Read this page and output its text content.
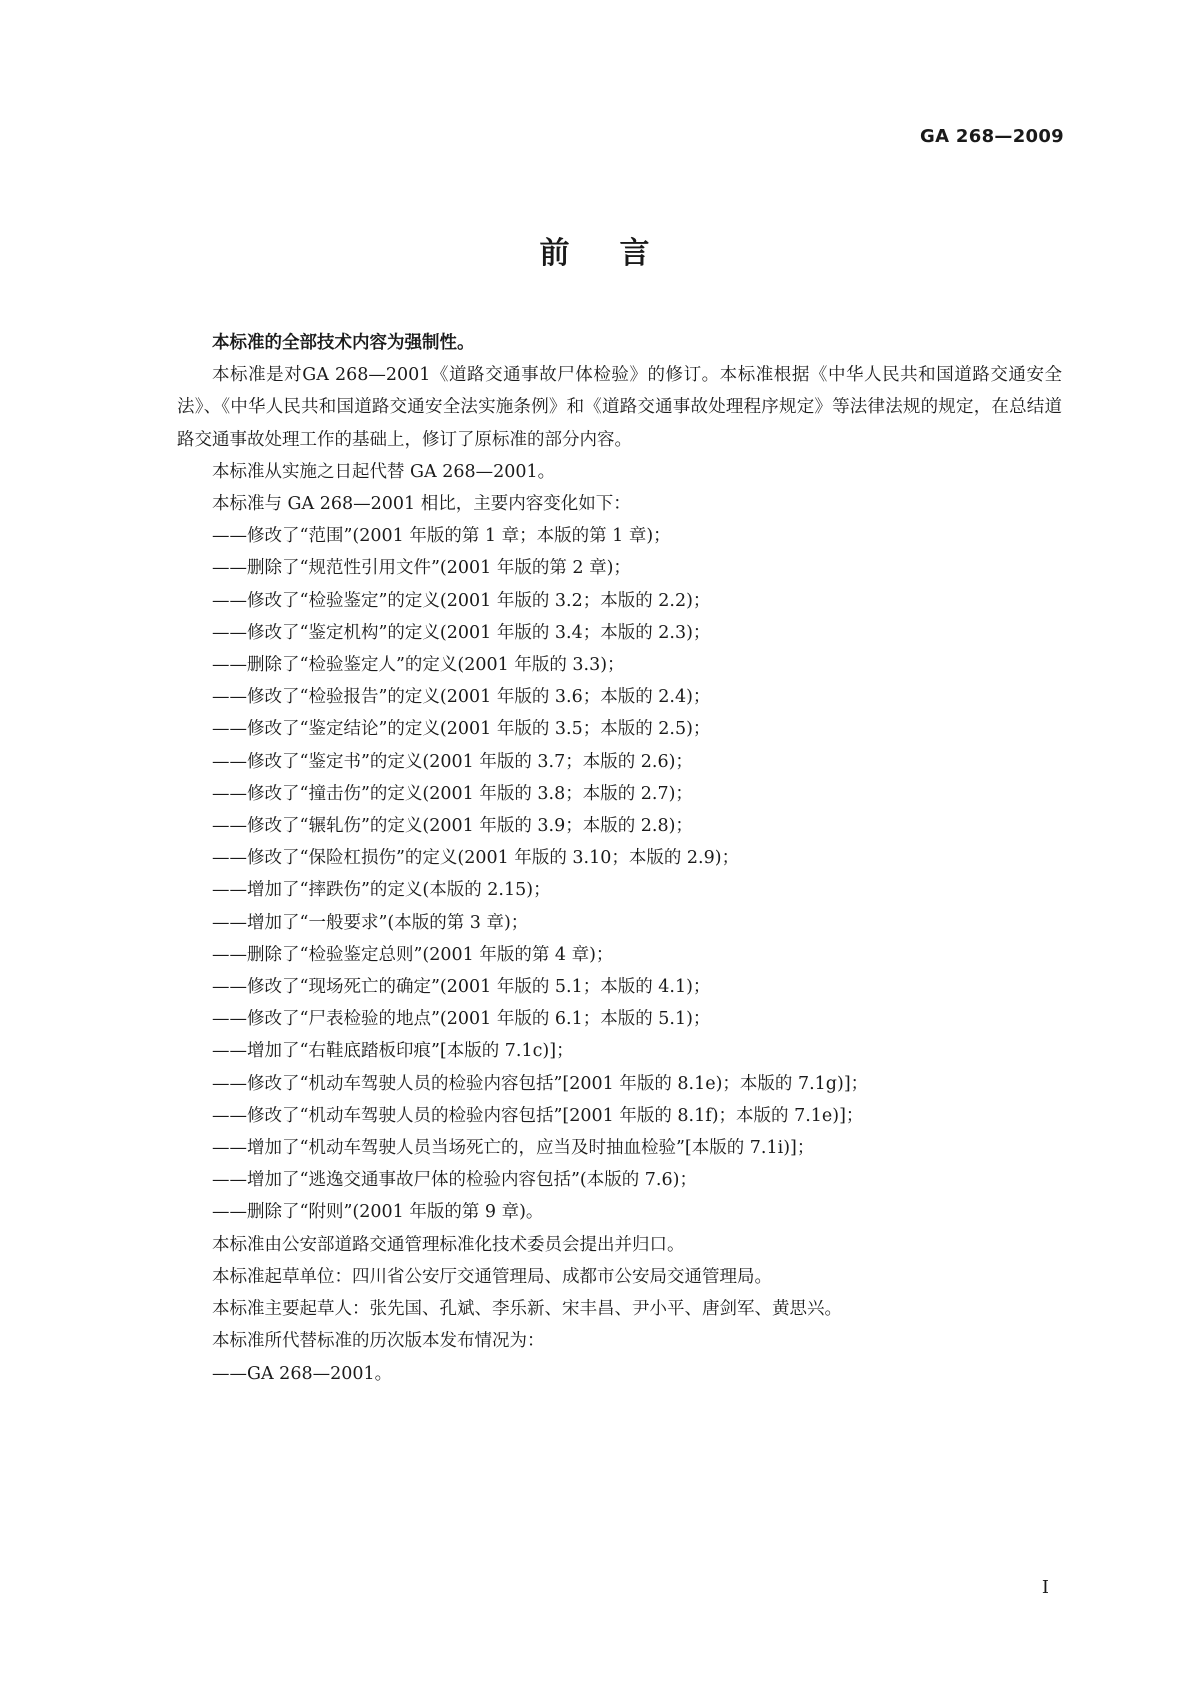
GA 268—2009
前 言

本标准的全部技术内容为强制性。

本标准是对GA 268—2001《道路交通事故尸体检验》的修订。本标准根据《中华人民共和国道路交通安全法》、《中华人民共和国道路交通安全法实施条例》和《道路交通事故处理程序规定》等法律法规的规定，在总结道路交通事故处理工作的基础上，修订了原标准的部分内容。

本标准从实施之日起代替 GA 268—2001。

本标准与 GA 268—2001 相比，主要内容变化如下：

——修改了“范围”(2001 年版的第 1 章；本版的第 1 章)；

——删除了“规范性引用文件”(2001 年版的第 2 章)；

——修改了“检验鉴定”的定义(2001 年版的 3.2；本版的 2.2)；

——修改了“鉴定机构”的定义(2001 年版的 3.4；本版的 2.3)；

——删除了“检验鉴定人”的定义(2001 年版的 3.3)；

——修改了“检验报告”的定义(2001 年版的 3.6；本版的 2.4)；

——修改了“鉴定结论”的定义(2001 年版的 3.5；本版的 2.5)；

——修改了“鉴定书”的定义(2001 年版的 3.7；本版的 2.6)；

——修改了“撞击伤”的定义(2001 年版的 3.8；本版的 2.7)；

——修改了“辗轧伤”的定义(2001 年版的 3.9；本版的 2.8)；

——修改了“保险杠损伤”的定义(2001 年版的 3.10；本版的 2.9)；

——增加了“摔跌伤”的定义(本版的 2.15)；

——增加了“一般要求”(本版的第 3 章)；

——删除了“检验鉴定总则”(2001 年版的第 4 章)；

——修改了“现场死亡的确定”(2001 年版的 5.1；本版的 4.1)；

——修改了“尸表检验的地点”(2001 年版的 6.1；本版的 5.1)；

——增加了“右鞋底踏板印痕”[本版的 7.1c)]；

——修改了“机动车驾驶人员的检验内容包括”[2001 年版的 8.1e)；本版的 7.1g)]；

——修改了“机动车驾驶人员的检验内容包括”[2001 年版的 8.1f)；本版的 7.1e)]；

——增加了“机动车驾驶人员当场死亡的，应当及时抽血检验”[本版的 7.1i)]；

——增加了“逃逸交通事故尸体的检验内容包括”(本版的 7.6)；

——删除了“附则”(2001 年版的第 9 章)。

本标准由公安部道路交通管理标准化技术委员会提出并归口。

本标准起草单位：四川省公安厅交通管理局、成都市公安局交通管理局。

本标准主要起草人：张先国、孔斌、李乐新、宋丰昌、尹小平、唐剑军、黄思兴。

本标准所代替标准的历次版本发布情况为：

——GA 268—2001。

I
